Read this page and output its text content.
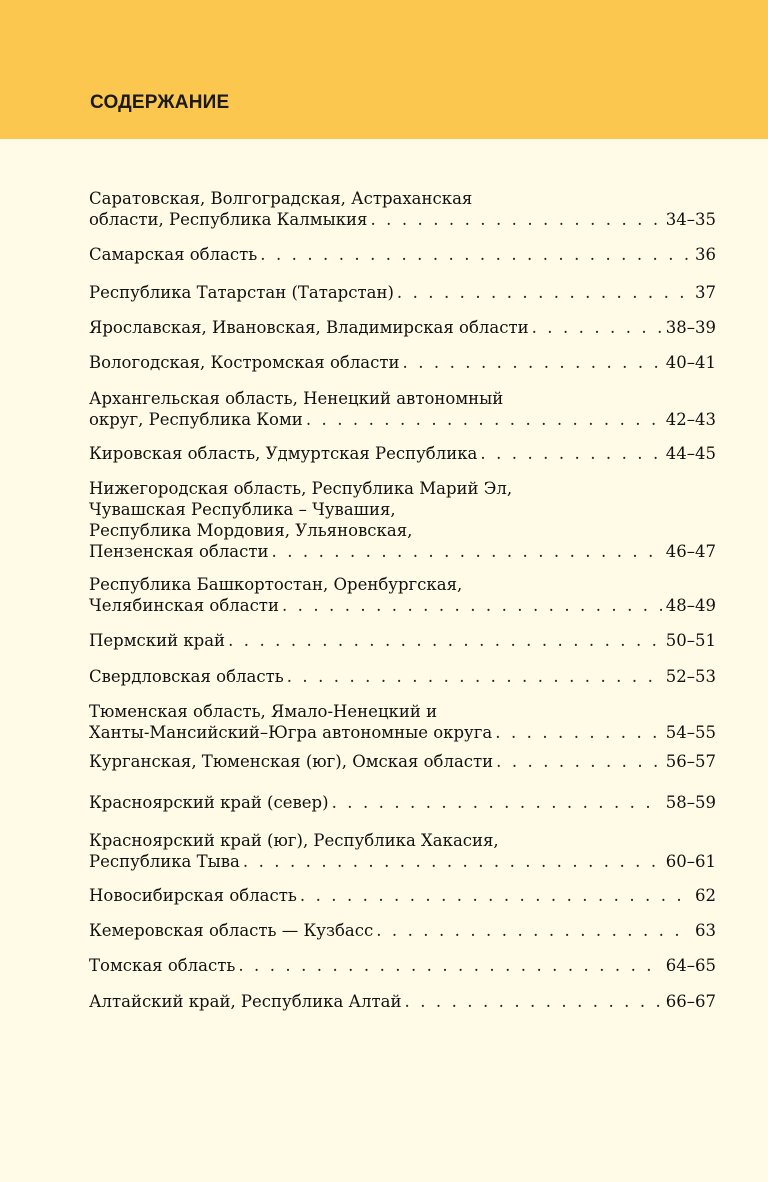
СОДЕРЖАНИЕ
Саратовская, Волгоградская, Астраханская
области, Республика Калмыкия . . .	34–35
Самарская область . . .	36
Республика Татарстан (Татарстан) . . .	37
Ярославская, Ивановская, Владимирская области . . .	38–39
Вологодская, Костромская области . . .	40–41
Архангельская область, Ненецкий автономный
округ, Республика Коми . . .	42–43
Кировская область, Удмуртская Республика . . .	44–45
Нижегородская область, Республика Марий Эл,
Чувашская Республика – Чувашия,
Республика Мордовия, Ульяновская,
Пензенская области . . .	46–47
Республика Башкортостан, Оренбургская,
Челябинская области . . .	48–49
Пермский край . . .	50–51
Свердловская область . . .	52–53
Тюменская область, Ямало-Ненецкий и
Ханты-Мансийский–Югра автономные округа . . .	54–55
Курганская, Тюменская (юг), Омская области . . .	56–57
Красноярский край (север) . . .	58–59
Красноярский край (юг), Республика Хакасия,
Республика Тыва . . .	60–61
Новосибирская область . . .	62
Кемеровская область — Кузбасс . . .	63
Томская область . . .	64–65
Алтайский край, Республика Алтай . . .	66–67
